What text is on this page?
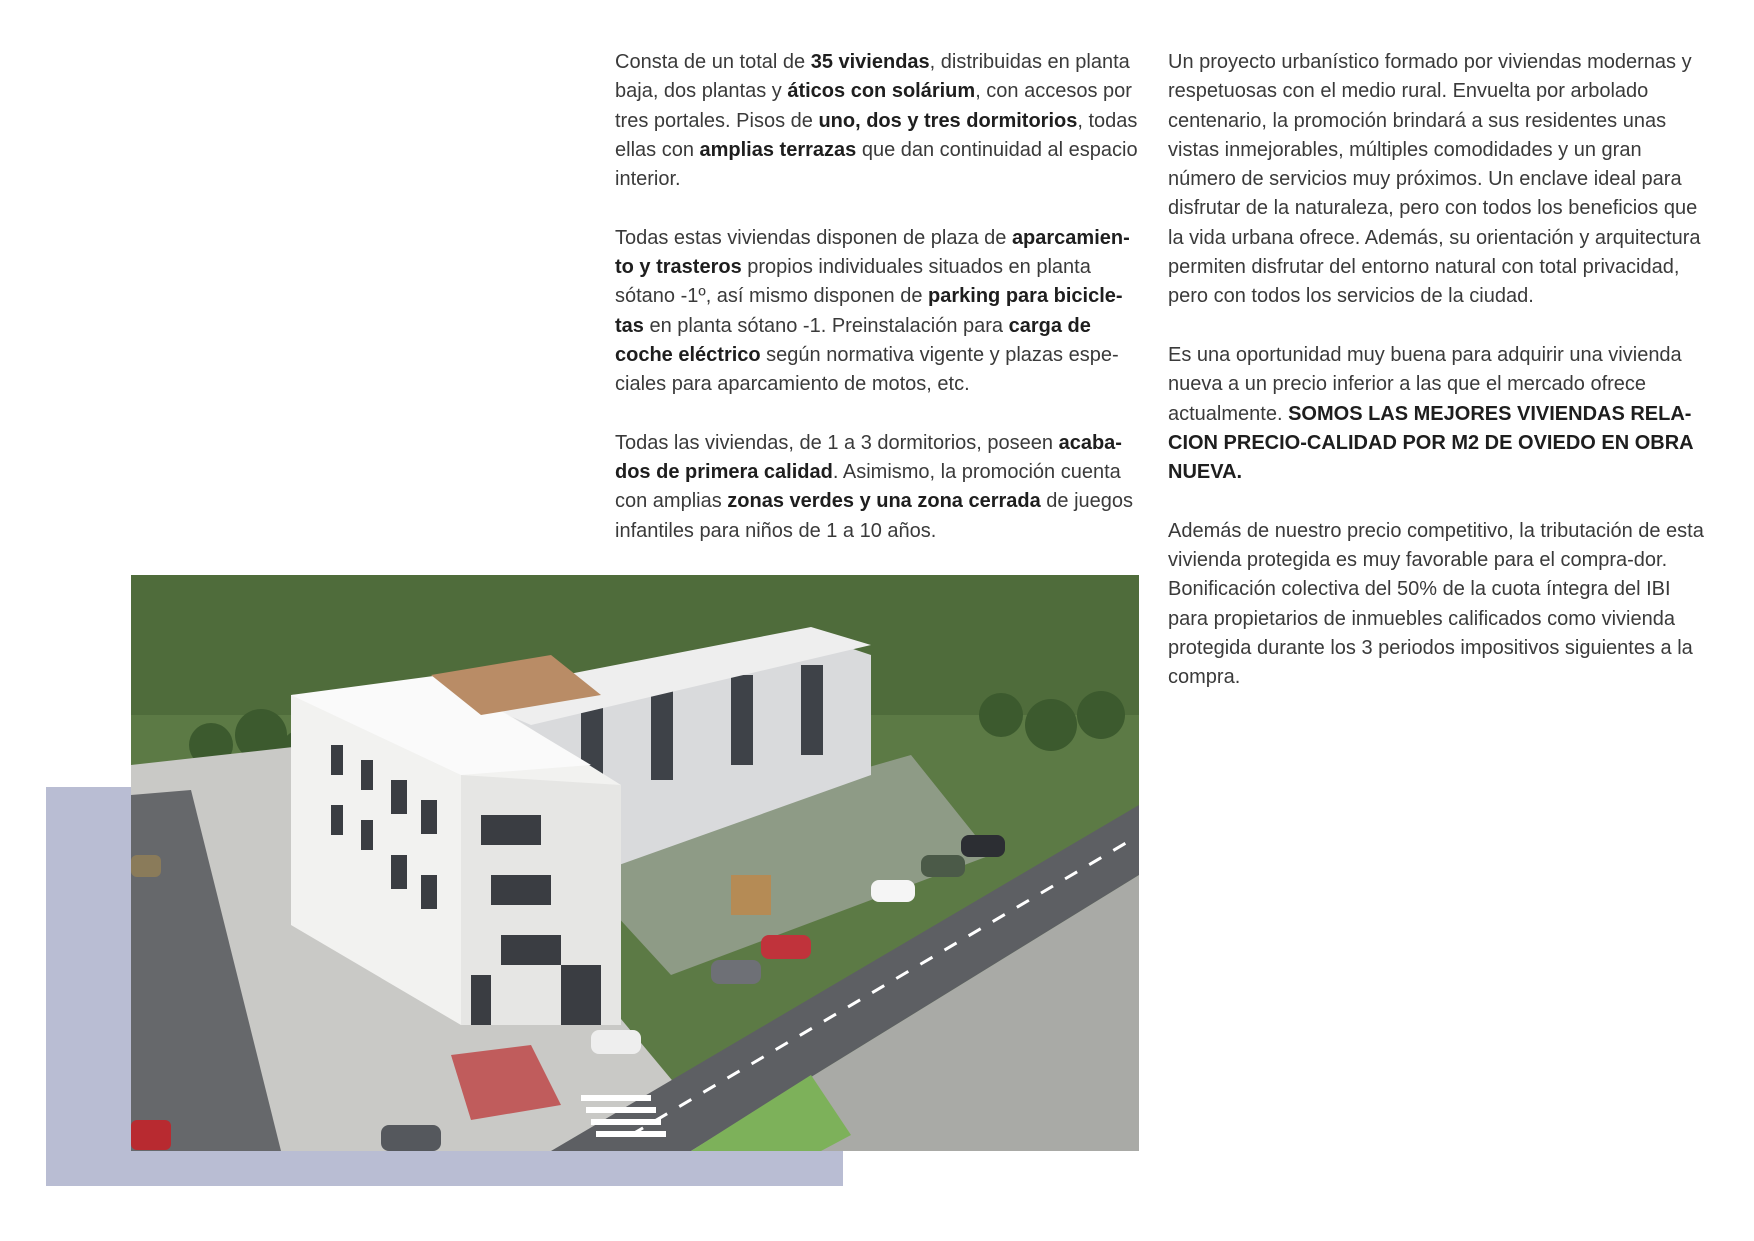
Consta de un total de 35 viviendas, distribuidas en planta baja, dos plantas y áticos con solárium, con accesos por tres portales. Pisos de uno, dos y tres dormitorios, todas ellas con amplias terrazas que dan continuidad al espacio interior.

Todas estas viviendas disponen de plaza de aparcamien-to y trasteros propios individuales situados en planta sótano -1º, así mismo disponen de parking para bicicle-tas en planta sótano -1. Preinstalación para carga de coche eléctrico según normativa vigente y plazas espe-ciales para aparcamiento de motos, etc.

Todas las viviendas, de 1 a 3 dormitorios, poseen acaba-dos de primera calidad. Asimismo, la promoción cuenta con amplias zonas verdes y una zona cerrada de juegos infantiles para niños de 1 a 10 años.

Un proyecto urbanístico formado por viviendas modernas y respetuosas con el medio rural. Envuelta por arbolado centenario, la promoción brindará a sus residentes unas vistas inmejorables, múltiples comodidades y un gran número de servicios muy próximos. Un enclave ideal para disfrutar de la naturaleza, pero con todos los beneficios que la vida urbana ofrece. Además, su orientación y arquitectura permiten disfrutar del entorno natural con total privacidad, pero con todos los servicios de la ciudad.

Es una oportunidad muy buena para adquirir una vivienda nueva a un precio inferior a las que el mercado ofrece actualmente. SOMOS LAS MEJORES VIVIENDAS RELA-CION PRECIO-CALIDAD POR M2 DE OVIEDO EN OBRA NUEVA.

Además de nuestro precio competitivo, la tributación de esta vivienda protegida es muy favorable para el compra-dor. Bonificación colectiva del 50% de la cuota íntegra del IBI para propietarios de inmuebles calificados como vivienda protegida durante los 3 periodos impositivos siguientes a la compra.
